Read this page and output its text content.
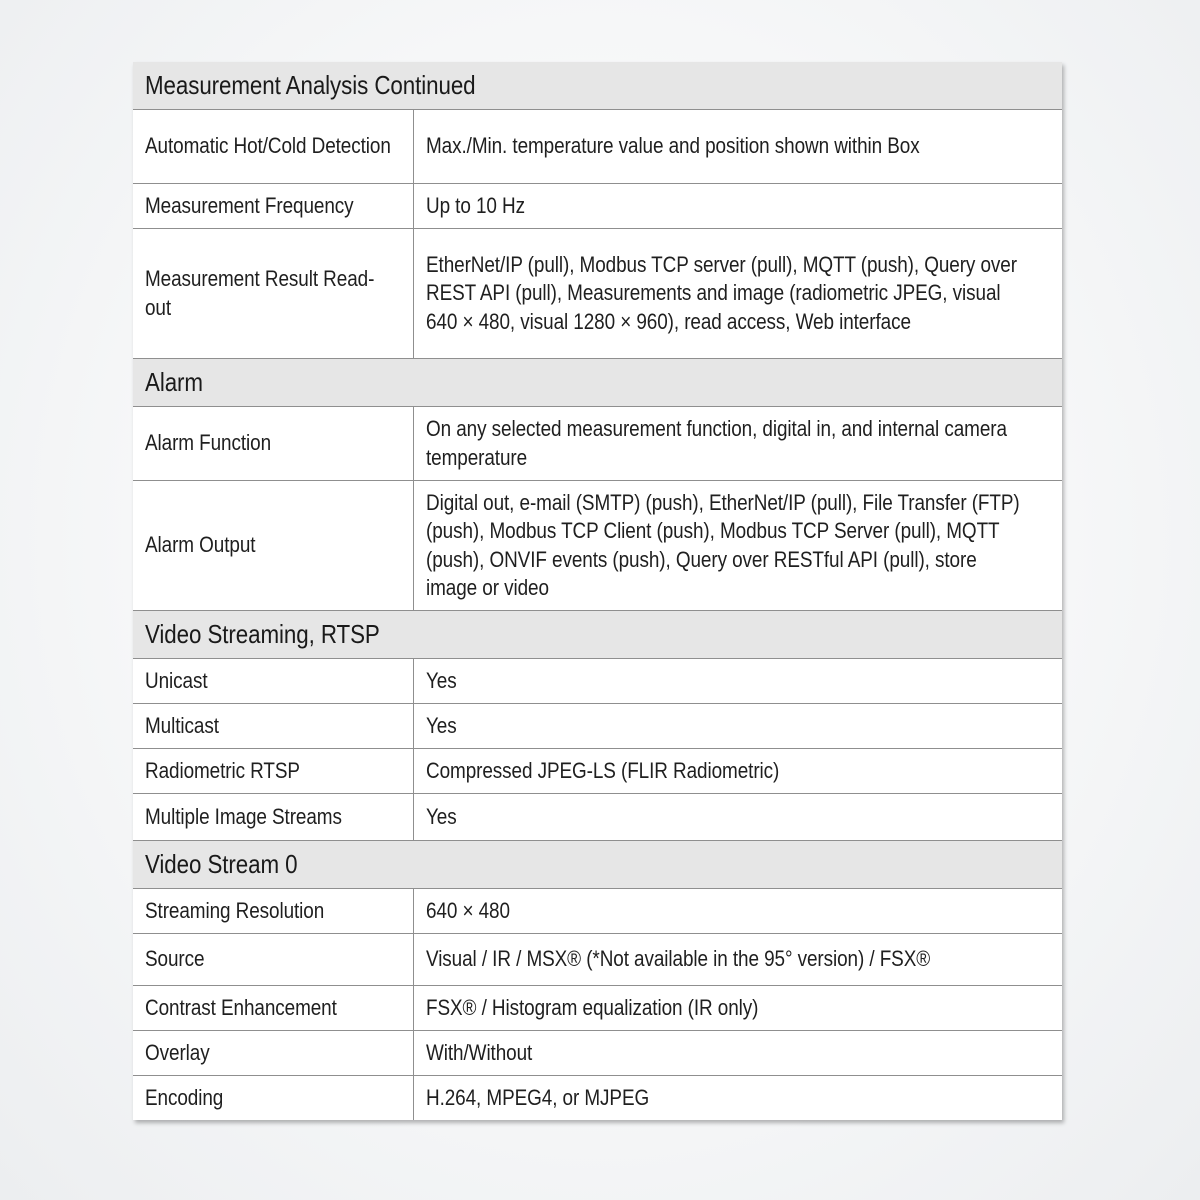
Measurement Analysis Continued	
Automatic Hot/Cold Detection	Max./Min. temperature value and position shown within Box
Measurement Frequency	Up to 10 Hz
Measurement Result Read-out	EtherNet/IP (pull), Modbus TCP server (pull), MQTT (push), Query over REST API (pull), Measurements and image (radiometric JPEG, visual 640 × 480, visual 1280 × 960), read access, Web interface
Alarm	
Alarm Function	On any selected measurement function, digital in, and internal camera temperature
Alarm Output	Digital out, e-mail (SMTP) (push), EtherNet/IP (pull), File Transfer (FTP) (push), Modbus TCP Client (push), Modbus TCP Server (pull), MQTT (push), ONVIF events (push), Query over RESTful API (pull), store image or video
Video Streaming, RTSP	
Unicast	Yes
Multicast	Yes
Radiometric RTSP	Compressed JPEG-LS (FLIR Radiometric)
Multiple Image Streams	Yes
Video Stream 0	
Streaming Resolution	640 × 480
Source	Visual / IR / MSX® (*Not available in the 95° version) / FSX®
Contrast Enhancement	FSX® / Histogram equalization (IR only)
Overlay	With/Without
Encoding	H.264, MPEG4, or MJPEG
